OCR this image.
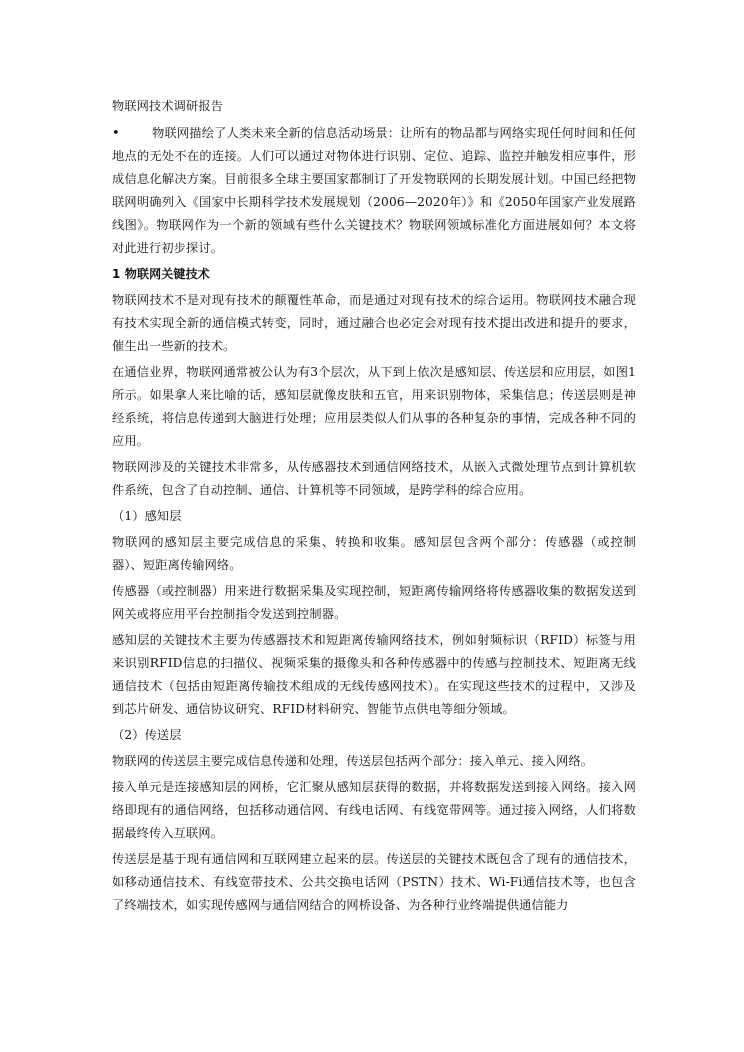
物联网技术调研报告

•	物联网描绘了人类未来全新的信息活动场景：让所有的物品都与网络实现任何时间和任何地点的无处不在的连接。人们可以通过对物体进行识别、定位、追踪、监控并触发相应事件，形成信息化解决方案。目前很多全球主要国家都制订了开发物联网的长期发展计划。中国已经把物联网明确列入《国家中长期科学技术发展规划（2006—2020年）》和《2050年国家产业发展路线图》。物联网作为一个新的领域有些什么关键技术？物联网领域标准化方面进展如何？本文将对此进行初步探讨。

1 物联网关键技术

物联网技术不是对现有技术的颠覆性革命，而是通过对现有技术的综合运用。物联网技术融合现有技术实现全新的通信模式转变，同时，通过融合也必定会对现有技术提出改进和提升的要求，催生出一些新的技术。

在通信业界，物联网通常被公认为有3个层次，从下到上依次是感知层、传送层和应用层，如图1所示。如果拿人来比喻的话，感知层就像皮肤和五官，用来识别物体，采集信息；传送层则是神经系统，将信息传递到大脑进行处理；应用层类似人们从事的各种复杂的事情，完成各种不同的应用。

物联网涉及的关键技术非常多，从传感器技术到通信网络技术，从嵌入式微处理节点到计算机软件系统，包含了自动控制、通信、计算机等不同领域，是跨学科的综合应用。

（1）感知层

物联网的感知层主要完成信息的采集、转换和收集。感知层包含两个部分：传感器（或控制器）、短距离传输网络。

传感器（或控制器）用来进行数据采集及实现控制，短距离传输网络将传感器收集的数据发送到网关或将应用平台控制指令发送到控制器。

感知层的关键技术主要为传感器技术和短距离传输网络技术，例如射频标识（RFID）标签与用来识别RFID信息的扫描仪、视频采集的摄像头和各种传感器中的传感与控制技术、短距离无线通信技术（包括由短距离传输技术组成的无线传感网技术）。在实现这些技术的过程中，又涉及到芯片研发、通信协议研究、RFID材料研究、智能节点供电等细分领域。

（2）传送层

物联网的传送层主要完成信息传递和处理，传送层包括两个部分：接入单元、接入网络。

接入单元是连接感知层的网桥，它汇聚从感知层获得的数据，并将数据发送到接入网络。接入网络即现有的通信网络，包括移动通信网、有线电话网、有线宽带网等。通过接入网络，人们将数据最终传入互联网。

传送层是基于现有通信网和互联网建立起来的层。传送层的关键技术既包含了现有的通信技术，如移动通信技术、有线宽带技术、公共交换电话网（PSTN）技术、Wi-Fi通信技术等，也包含了终端技术，如实现传感网与通信网结合的网桥设备、为各种行业终端提供通信能力
